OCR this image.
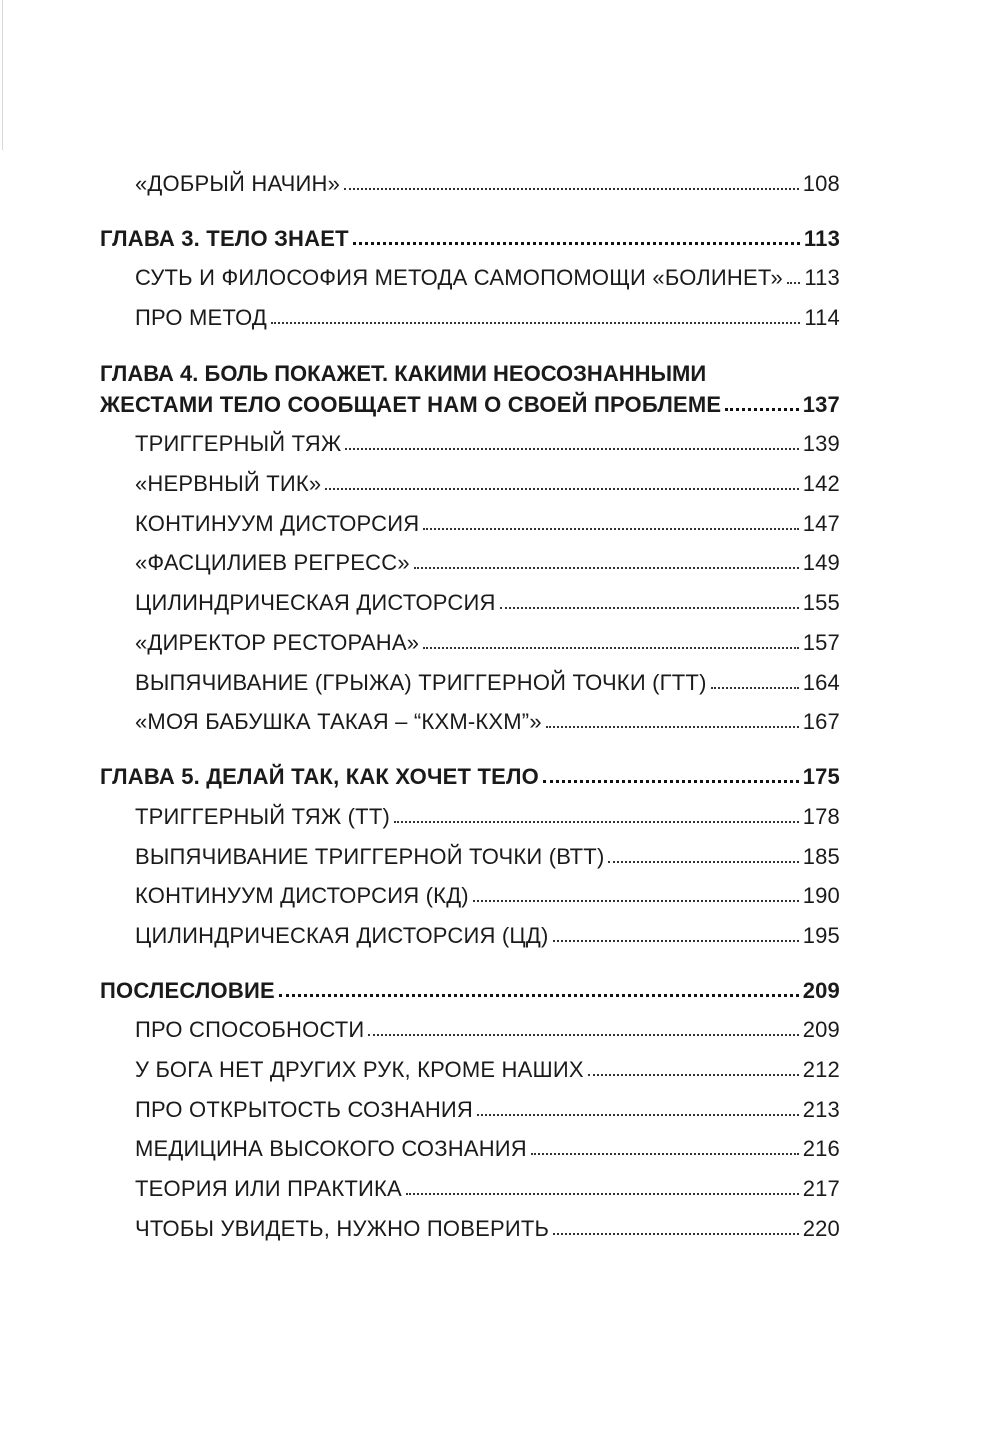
«ДОБРЫЙ НАЧИН»	108
ГЛАВА 3. ТЕЛО ЗНАЕТ	113
СУТЬ И ФИЛОСОФИЯ МЕТОДА САМОПОМОЩИ «БОЛИНЕТ» 113
ПРО МЕТОД	114
ГЛАВА 4. БОЛЬ ПОКАЖЕТ. КАКИМИ НЕОСОЗНАННЫМИ
ЖЕСТАМИ ТЕЛО СООБЩАЕТ НАМ О СВОЕЙ ПРОБЛЕМЕ	137
ТРИГГЕРНЫЙ ТЯЖ	139
«НЕРВНЫЙ ТИК»	142
КОНТИНУУМ ДИСТОРСИЯ	147
«ФАСЦИЛИЕВ РЕГРЕСС»	149
ЦИЛИНДРИЧЕСКАЯ ДИСТОРСИЯ	155
«ДИРЕКТОР РЕСТОРАНА»	157
ВЫПЯЧИВАНИЕ (ГРЫЖА) ТРИГГЕРНОЙ ТОЧКИ (ГТТ)	164
«МОЯ БАБУШКА ТАКАЯ – “КХМ-КХМ”»	167
ГЛАВА 5. ДЕЛАЙ ТАК, КАК ХОЧЕТ ТЕЛО	175
ТРИГГЕРНЫЙ ТЯЖ (ТТ)	178
ВЫПЯЧИВАНИЕ ТРИГГЕРНОЙ ТОЧКИ (ВТТ)	185
КОНТИНУУМ ДИСТОРСИЯ (КД)	190
ЦИЛИНДРИЧЕСКАЯ ДИСТОРСИЯ (ЦД)	195
ПОСЛЕСЛОВИЕ	209
ПРО СПОСОБНОСТИ	209
У БОГА НЕТ ДРУГИХ РУК, КРОМЕ НАШИХ	212
ПРО ОТКРЫТОСТЬ СОЗНАНИЯ	213
МЕДИЦИНА ВЫСОКОГО СОЗНАНИЯ	216
ТЕОРИЯ ИЛИ ПРАКТИКА	217
ЧТОБЫ УВИДЕТЬ, НУЖНО ПОВЕРИТЬ	220
